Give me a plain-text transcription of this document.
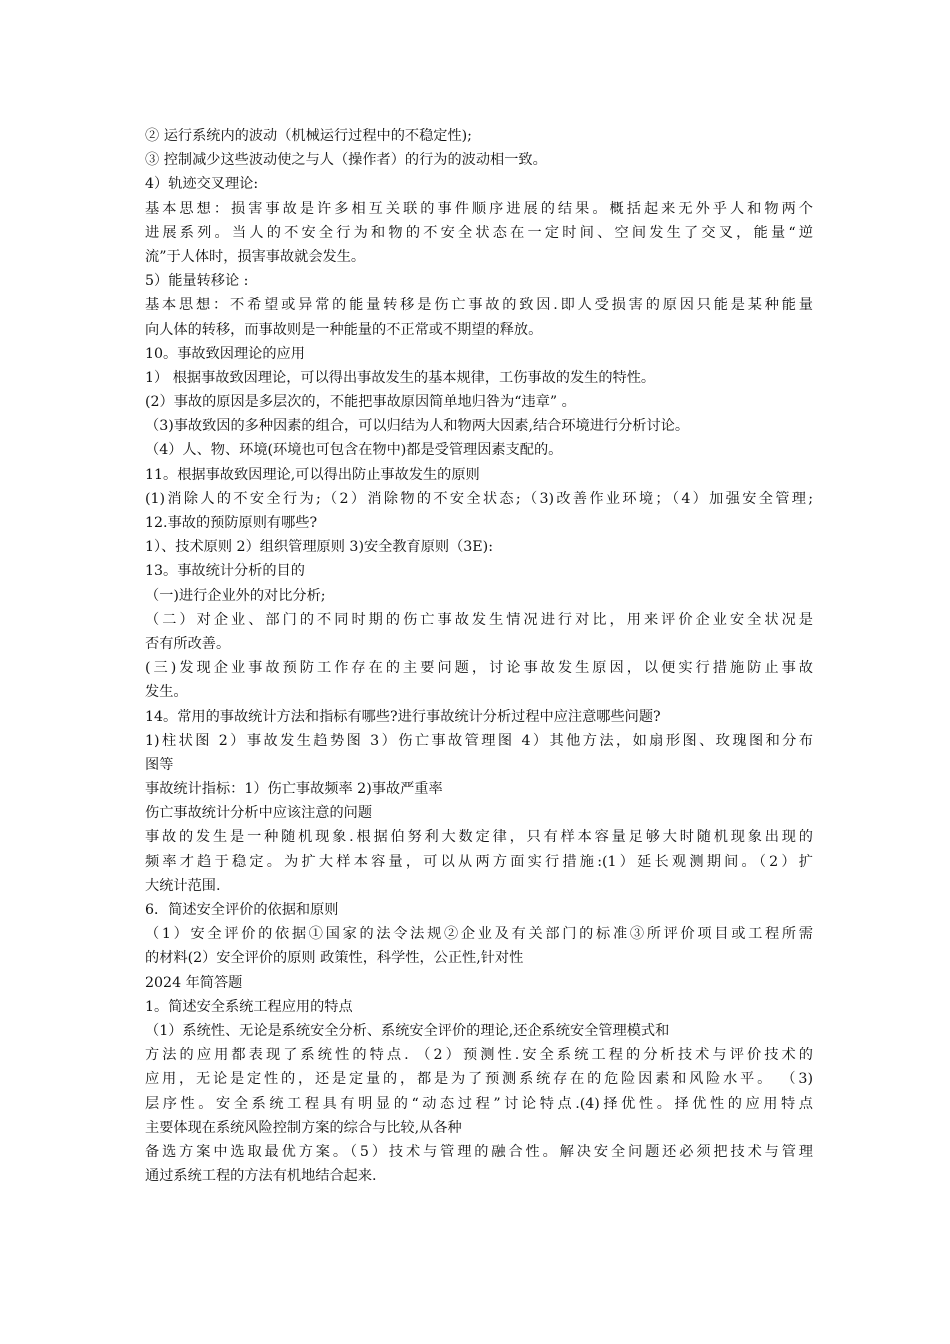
② 运行系统内的波动（机械运行过程中的不稳定性);
③ 控制减少这些波动使之与人（操作者）的行为的波动相一致。
4）轨迹交叉理论:
基本思想：损害事故是许多相互关联的事件顺序进展的结果。概括起来无外乎人和物两个
进展系列。当人的不安全行为和物的不安全状态在一定时间、空间发生了交叉，能量“逆
流”于人体时，损害事故就会发生。
5）能量转移论 :
基本思想：不希望或异常的能量转移是伤亡事故的致因.即人受损害的原因只能是某种能量
向人体的转移，而事故则是一种能量的不正常或不期望的释放。
10。事故致因理论的应用
1） 根据事故致因理论，可以得出事故发生的基本规律，工伤事故的发生的特性。
(2）事故的原因是多层次的，不能把事故原因简单地归咎为“违章” 。
（3)事故致因的多种因素的组合，可以归结为人和物两大因素,结合环境进行分析讨论。
（4）人、物、环境(环境也可包含在物中)都是受管理因素支配的。
11。根据事故致因理论,可以得出防止事故发生的原则
(1)消除人的不安全行为;（2）消除物的不安全状态;（3)改善作业环境；（4）加强安全管理;
12.事故的预防原则有哪些?
1）、技术原则 2）组织管理原则 3)安全教育原则（3E):
13。事故统计分析的目的
（一)进行企业外的对比分析;
（二）对企业、部门的不同时期的伤亡事故发生情况进行对比，用来评价企业安全状况是
否有所改善。
(三)发现企业事故预防工作存在的主要问题，讨论事故发生原因，以便实行措施防止事故
发生。
14。常用的事故统计方法和指标有哪些?进行事故统计分析过程中应注意哪些问题?
1)柱状图 2）事故发生趋势图 3）伤亡事故管理图 4）其他方法，如扇形图、玫瑰图和分布
图等
事故统计指标：1）伤亡事故频率 2)事故严重率
伤亡事故统计分析中应该注意的问题
事故的发生是一种随机现象.根据伯努利大数定律，只有样本容量足够大时随机现象出现的
频率才趋于稳定。为扩大样本容量，可以从两方面实行措施:(1）延长观测期间。（2）扩
大统计范围.
6．简述安全评价的依据和原则
（1）安全评价的依据①国家的法令法规②企业及有关部门的标准③所评价项目或工程所需
的材料(2）安全评价的原则 政策性，科学性，公正性,针对性
2024 年简答题
1。简述安全系统工程应用的特点
（1）系统性、无论是系统安全分析、系统安全评价的理论,还企系统安全管理模式和
方法的应用都表现了系统性的特点. （2）预测性.安全系统工程的分析技术与评价技术的
应用，无论是定性的，还是定量的，都是为了预测系统存在的危险因素和风险水平。 （3)
层序性。安全系统工程具有明显的“动态过程”讨论特点.(4)择优性。择优性的应用特点
主要体现在系统风险控制方案的综合与比较,从各种
备选方案中选取最优方案。（5）技术与管理的融合性。解决安全问题还必须把技术与管理
通过系统工程的方法有机地结合起来.
